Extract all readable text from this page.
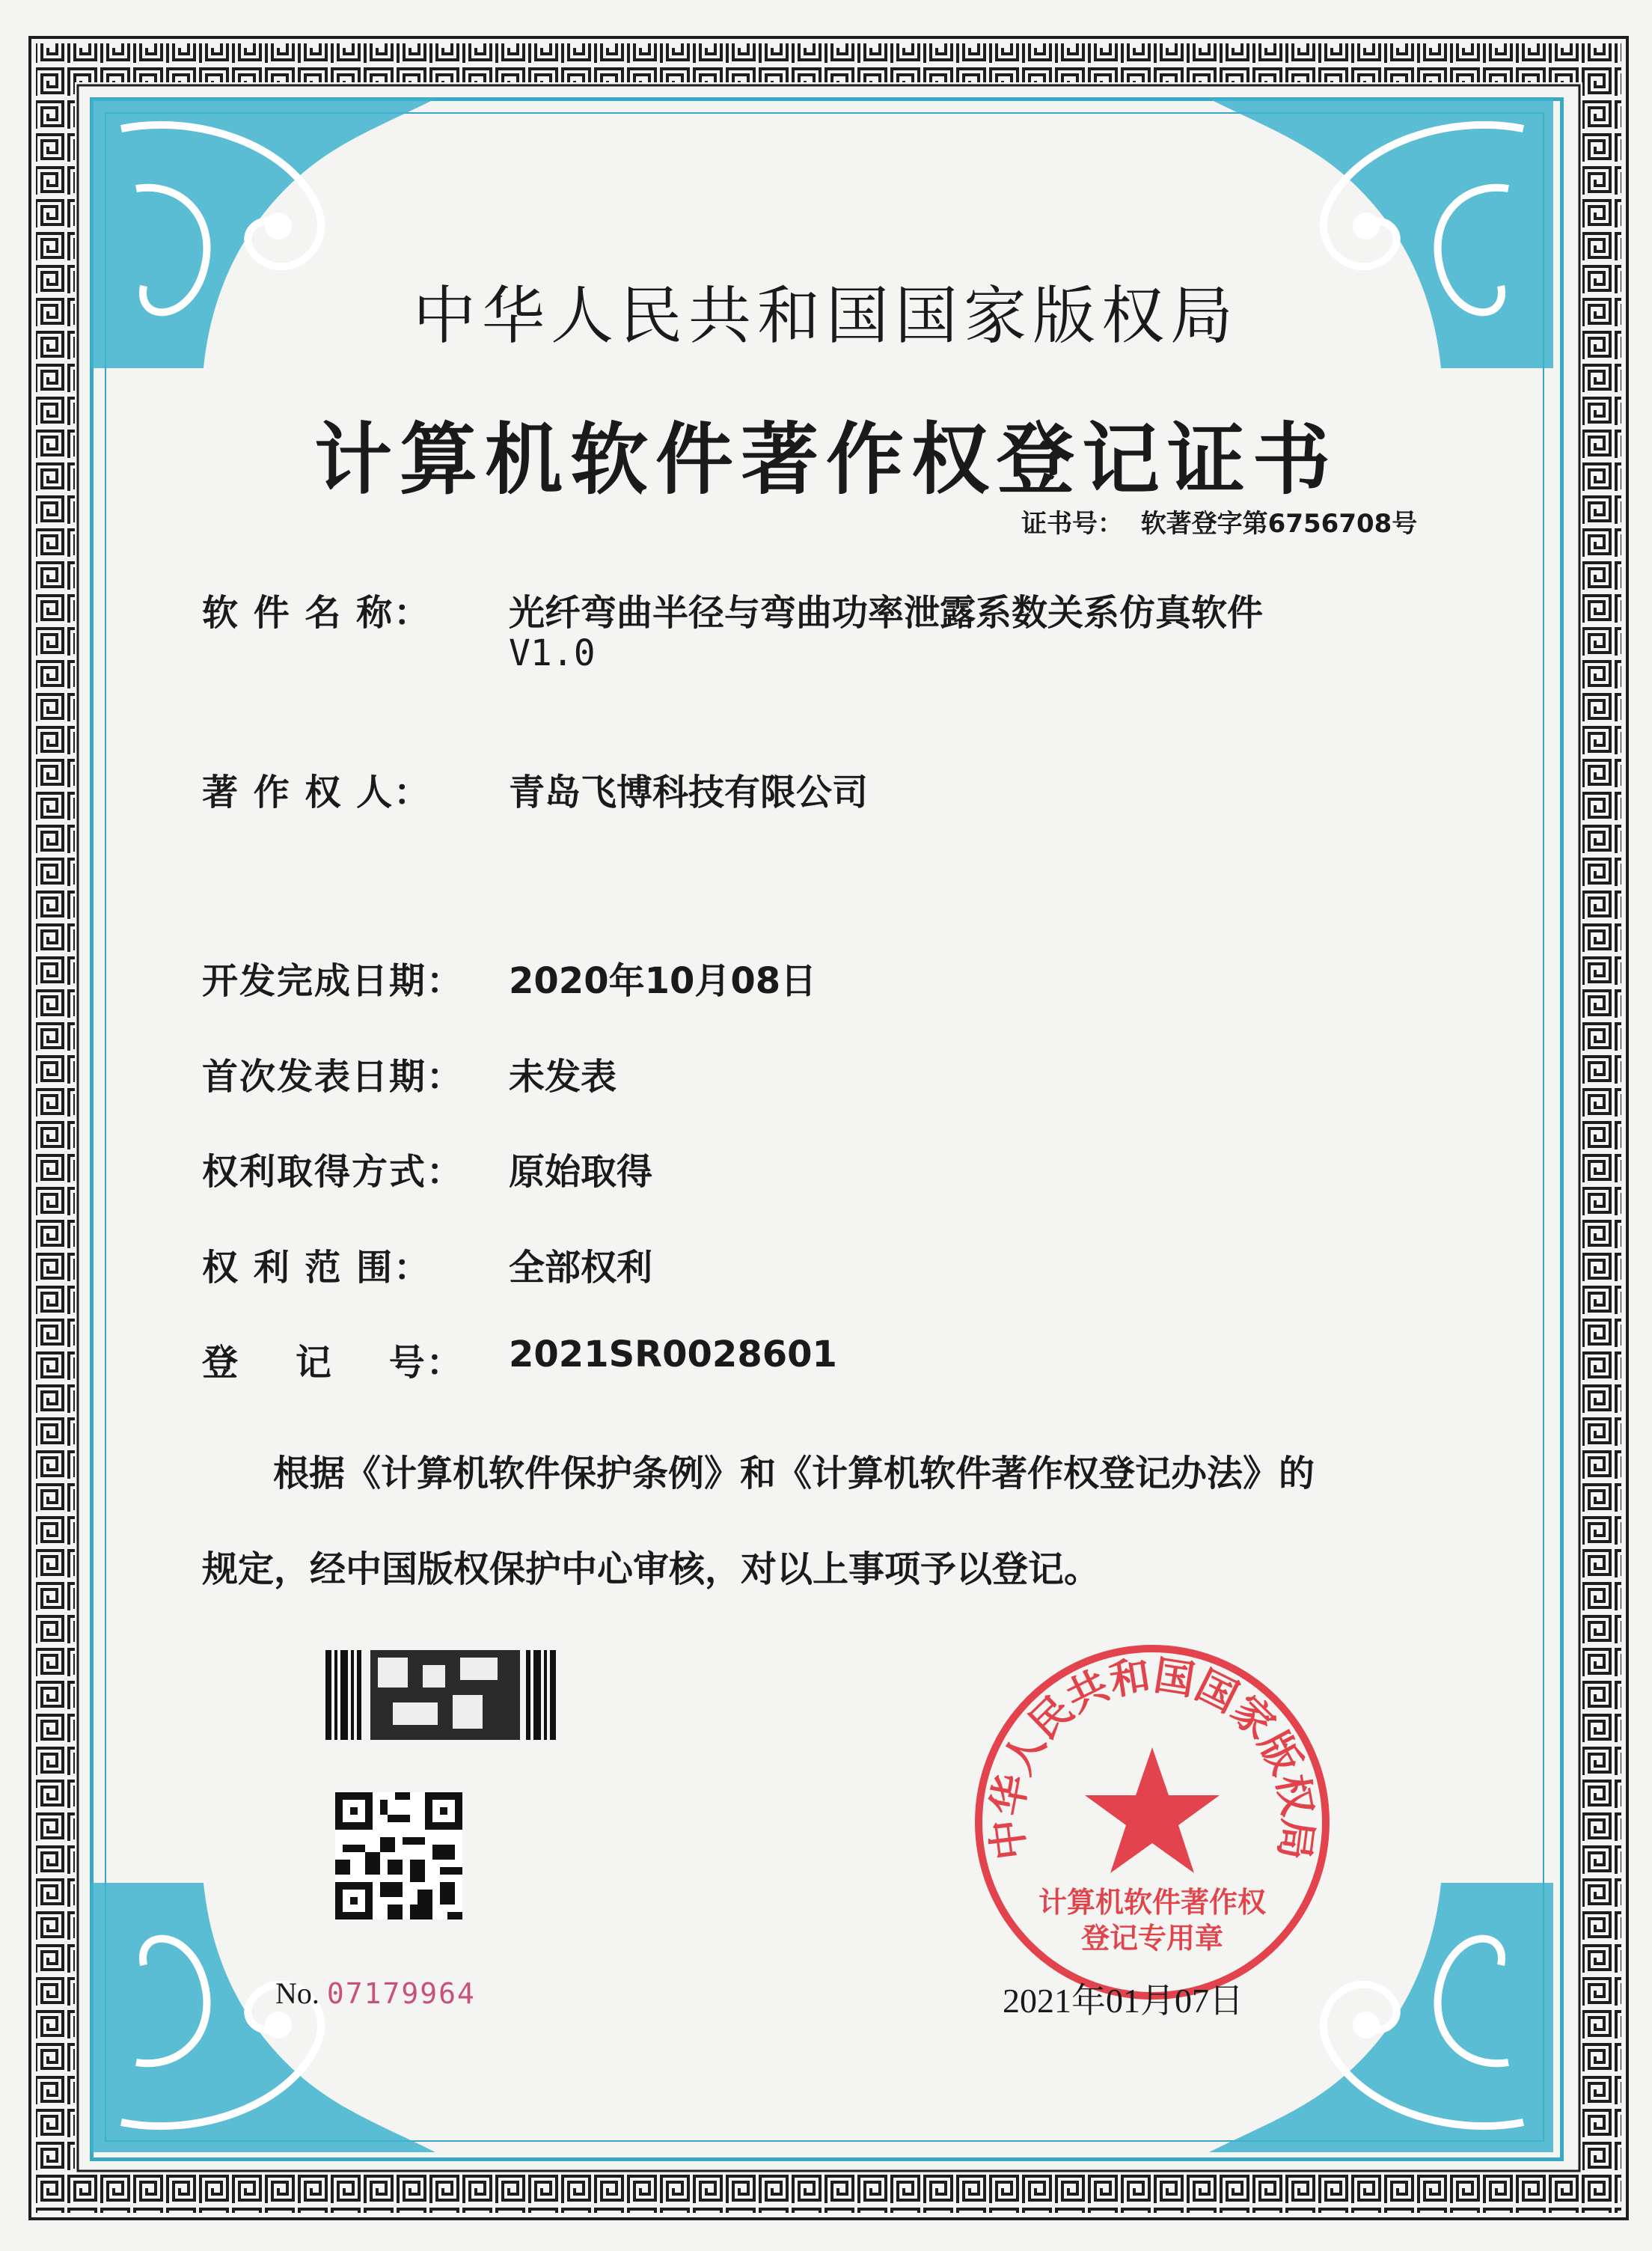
中华人民共和国国家版权局
计算机软件著作权登记证书
证书号： 软著登字第6756708号
软 件 名 称： 光纤弯曲半径与弯曲功率泄露系数关系仿真软件
V1.0
著 作 权 人： 青岛飞博科技有限公司
开发完成日期： 2020年10月08日
首次发表日期： 未发表
权利取得方式： 原始取得
权 利 范 围： 全部权利
登    记    号： 2021SR0028601
根据《计算机软件保护条例》和《计算机软件著作权登记办法》的
规定，经中国版权保护中心审核，对以上事项予以登记。
No. 07179964
中华人民共和国国家版权局
计算机软件著作权
登记专用章
2021年01月07日
